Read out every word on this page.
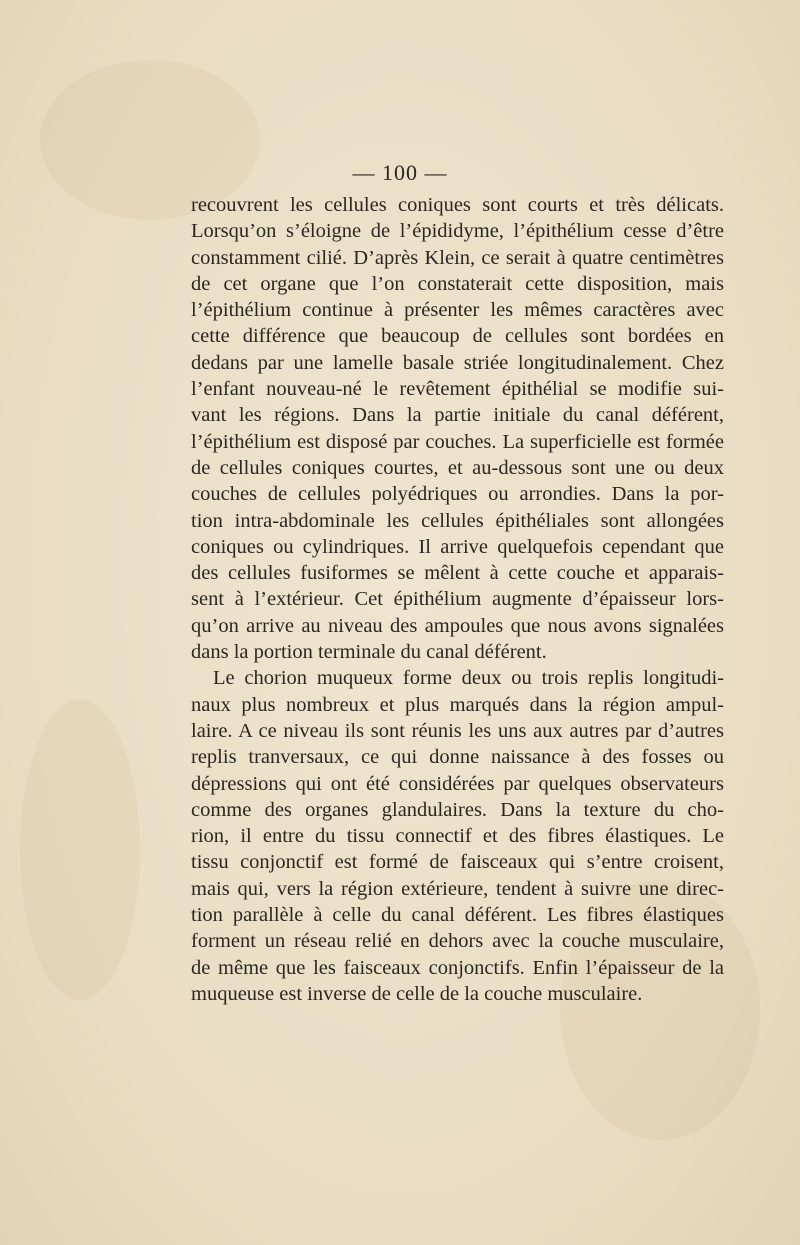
— 100 —
recouvrent les cellules coniques sont courts et très délicats.
Lorsqu’on s’éloigne de l’épididyme, l’épithélium cesse d’être
constamment cilié. D’après Klein, ce serait à quatre centimètres
de cet organe que l’on constaterait cette disposition, mais
l’épithélium continue à présenter les mêmes caractères avec
cette différence que beaucoup de cellules sont bordées en
dedans par une lamelle basale striée longitudinalement. Chez
l’enfant nouveau-né le revêtement épithélial se modifie sui-
vant les régions. Dans la partie initiale du canal déférent,
l’épithélium est disposé par couches. La superficielle est formée
de cellules coniques courtes, et au-dessous sont une ou deux
couches de cellules polyédriques ou arrondies. Dans la por-
tion intra-abdominale les cellules épithéliales sont allongées
coniques ou cylindriques. Il arrive quelquefois cependant que
des cellules fusiformes se mêlent à cette couche et apparais-
sent à l’extérieur. Cet épithélium augmente d’épaisseur lors-
qu’on arrive au niveau des ampoules que nous avons signalées
dans la portion terminale du canal déférent.
Le chorion muqueux forme deux ou trois replis longitudi-
naux plus nombreux et plus marqués dans la région ampul-
laire. A ce niveau ils sont réunis les uns aux autres par d’autres
replis tranversaux, ce qui donne naissance à des fosses ou
dépressions qui ont été considérées par quelques observateurs
comme des organes glandulaires. Dans la texture du cho-
rion, il entre du tissu connectif et des fibres élastiques. Le
tissu conjonctif est formé de faisceaux qui s’entre croisent,
mais qui, vers la région extérieure, tendent à suivre une direc-
tion parallèle à celle du canal déférent. Les fibres élastiques
forment un réseau relié en dehors avec la couche musculaire,
de même que les faisceaux conjonctifs. Enfin l’épaisseur de la
muqueuse est inverse de celle de la couche musculaire.
